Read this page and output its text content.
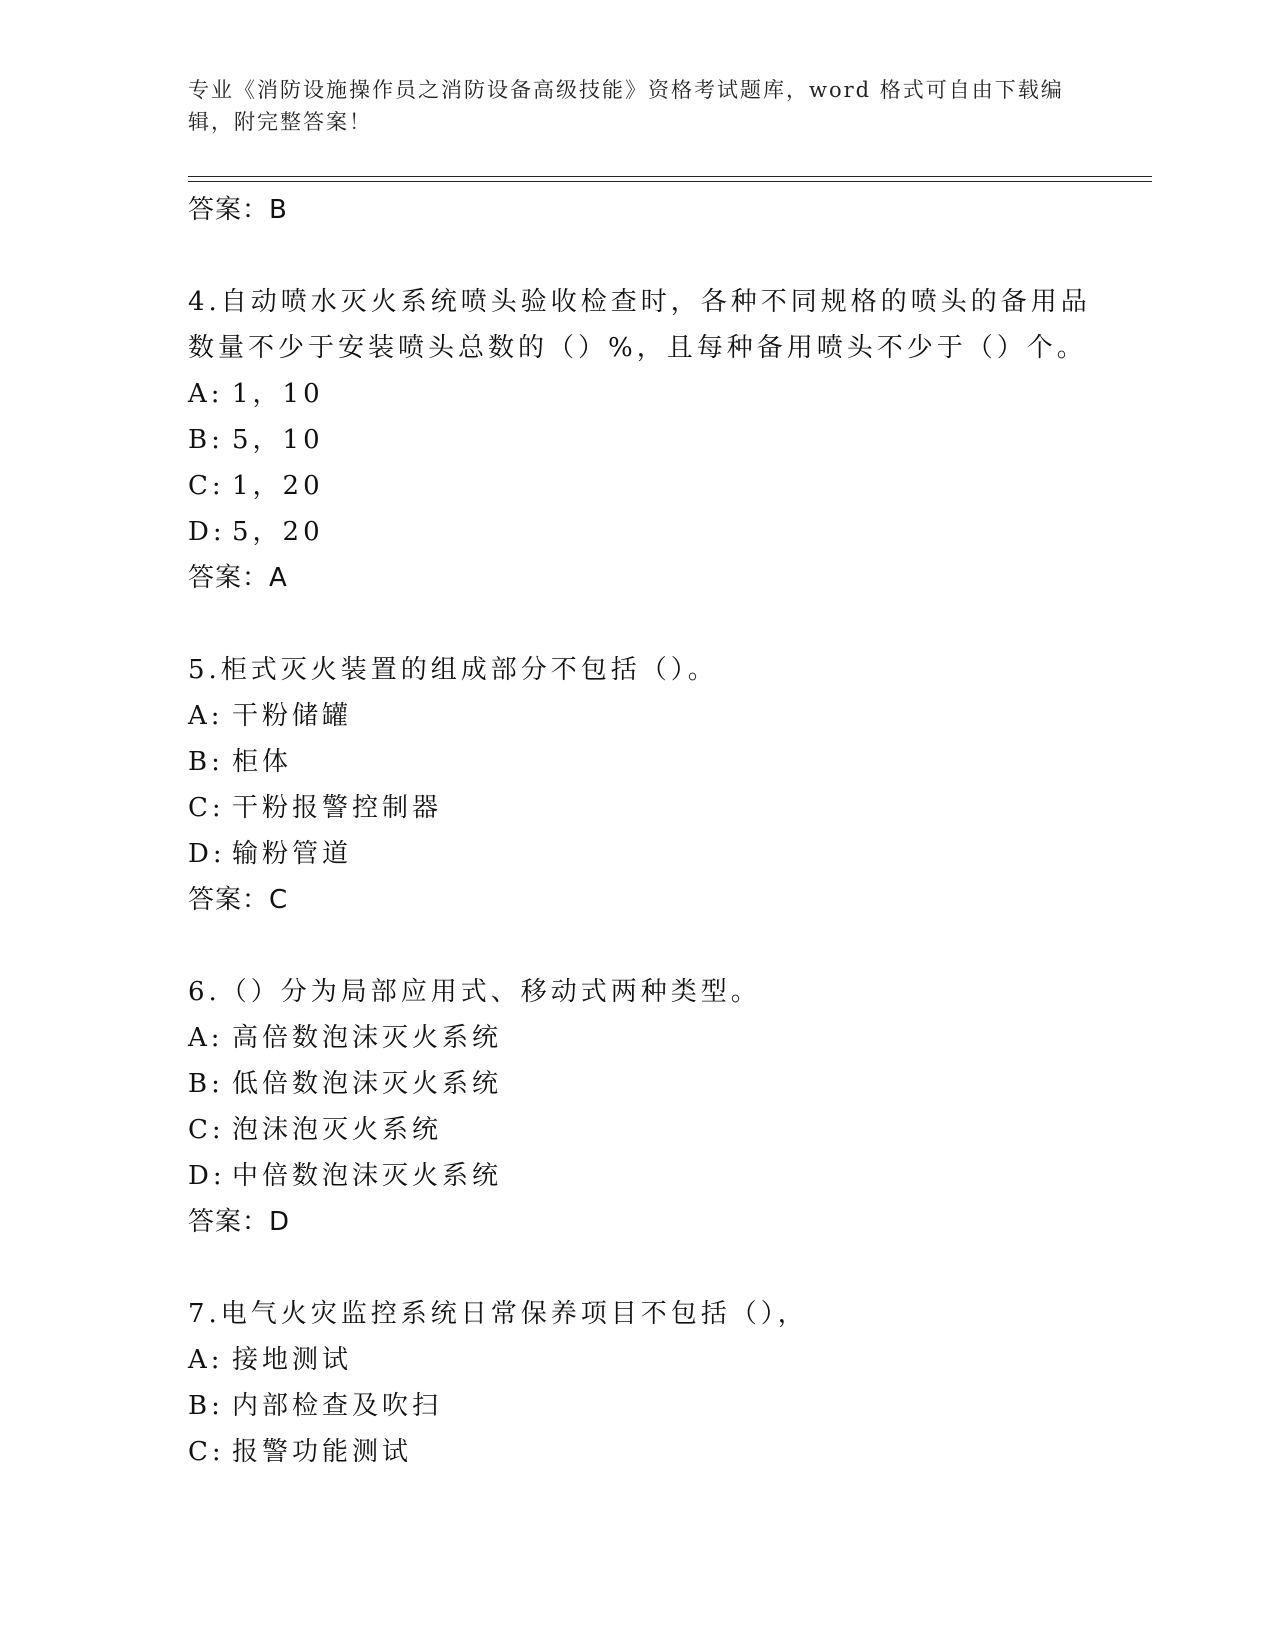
专业《消防设施操作员之消防设备高级技能》资格考试题库，word 格式可自由下载编辑，附完整答案！
答案：B
4.自动喷水灭火系统喷头验收检查时，各种不同规格的喷头的备用品
数量不少于安装喷头总数的（）%，且每种备用喷头不少于（）个。
A: 1，10
B: 5，10
C: 1，20
D: 5，20
答案：A
5.柜式灭火装置的组成部分不包括（）。
A: 干粉储罐
B: 柜体
C: 干粉报警控制器
D: 输粉管道
答案：C
6.（）分为局部应用式、移动式两种类型。
A: 高倍数泡沫灭火系统
B: 低倍数泡沫灭火系统
C: 泡沫泡灭火系统
D: 中倍数泡沫灭火系统
答案：D
7.电气火灾监控系统日常保养项目不包括（），
A: 接地测试
B: 内部检查及吹扫
C: 报警功能测试
